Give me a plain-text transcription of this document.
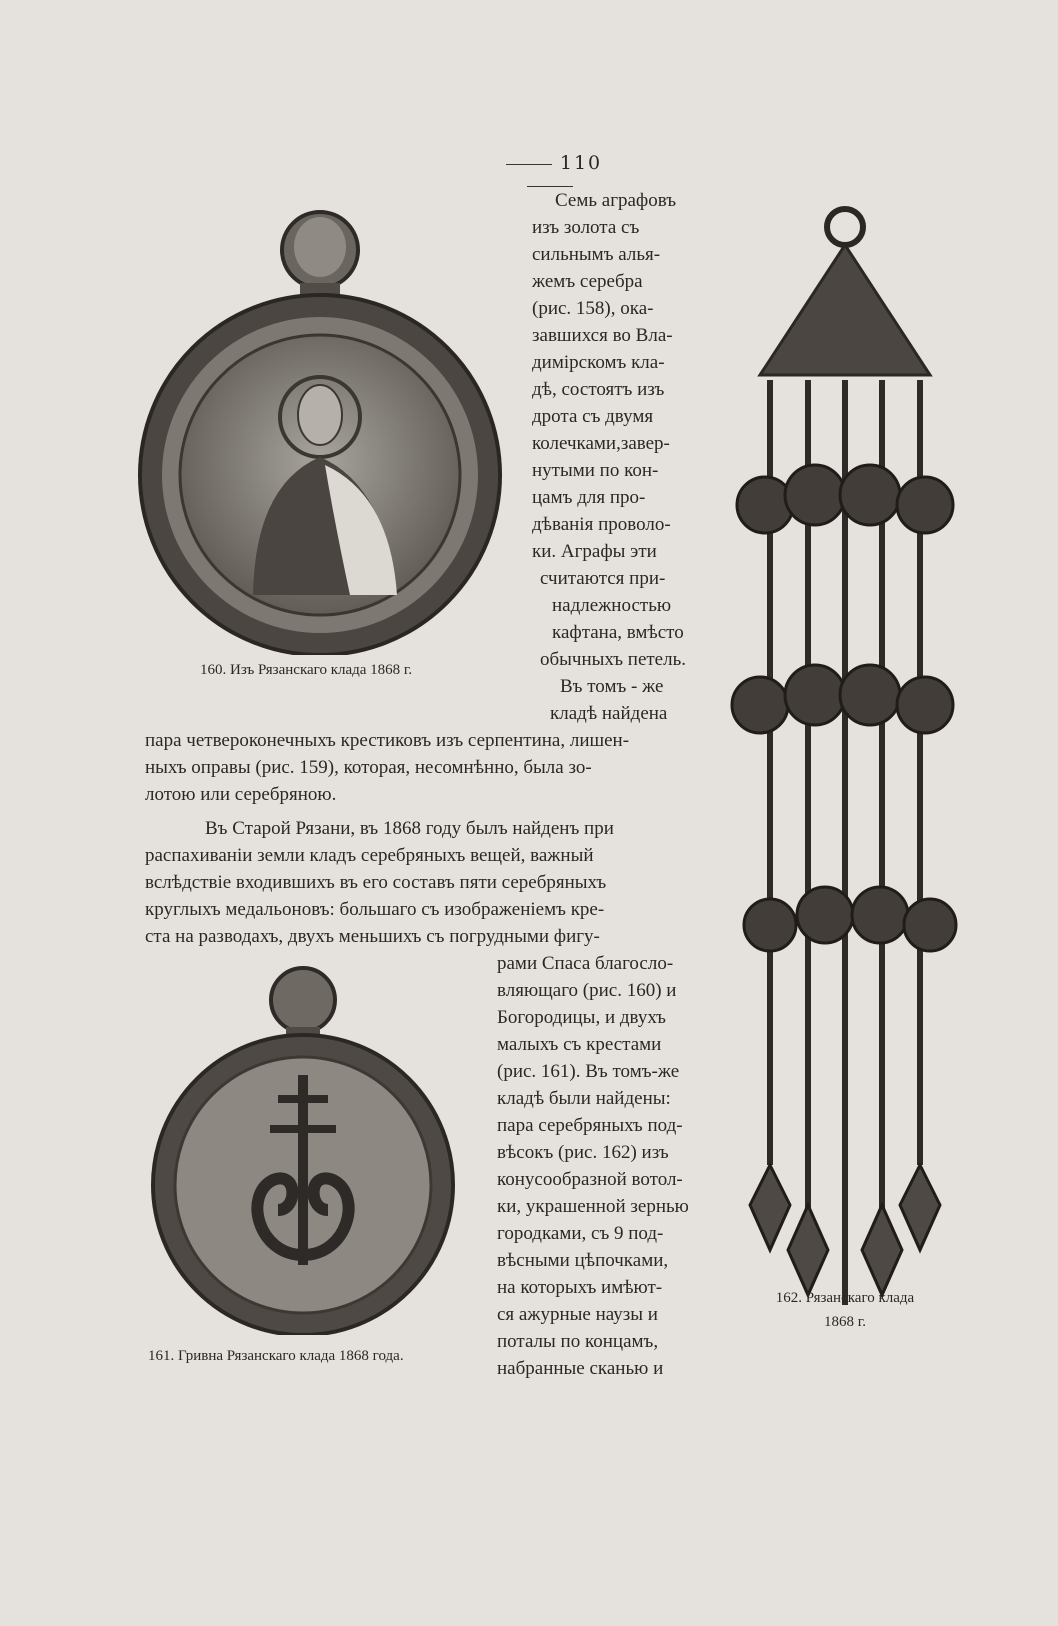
110
160. Изъ Рязанскаго клада 1868 г.
Семь аграфовъ
изъ золота съ
сильнымъ алья-
жемъ серебра
(рис. 158), ока-
завшихся во Вла-
димірскомъ кла-
дѣ, состоятъ изъ
дрота съ двумя
колечками,завер-
нутыми по кон-
цамъ для про-
дѣванія проволо-
ки. Аграфы эти
считаются при-
надлежностью
кафтана, вмѣсто
обычныхъ петель.
Въ томъ - же
кладѣ найдена
пара четвероконечныхъ крестиковъ изъ серпентина, лишен-
ныхъ оправы (рис. 159), которая, несомнѣнно, была зо-
лотою или серебряною.
Въ Старой Рязани, въ 1868 году былъ найденъ при
распахиваніи земли кладъ серебряныхъ вещей, важный
вслѣдствіе входившихъ въ его составъ пяти серебряныхъ
круглыхъ медальоновъ: большаго съ изображеніемъ кре-
ста на разводахъ, двухъ меньшихъ съ погрудными фигу-
161. Гривна Рязанскаго клада 1868 года.
рами Спаса благосло-
вляющаго (рис. 160) и
Богородицы, и двухъ
малыхъ съ крестами
(рис. 161). Въ томъ-же
кладѣ были найдены:
пара серебряныхъ под-
вѣсокъ (рис. 162) изъ
конусообразной вотол-
ки, украшенной зернью
городками, съ 9 под-
вѣсными цѣпочками,
на которыхъ имѣют-
ся ажурные наузы и
поталы по концамъ,
набранные сканью и
162. Рязанскаго клада
1868 г.
